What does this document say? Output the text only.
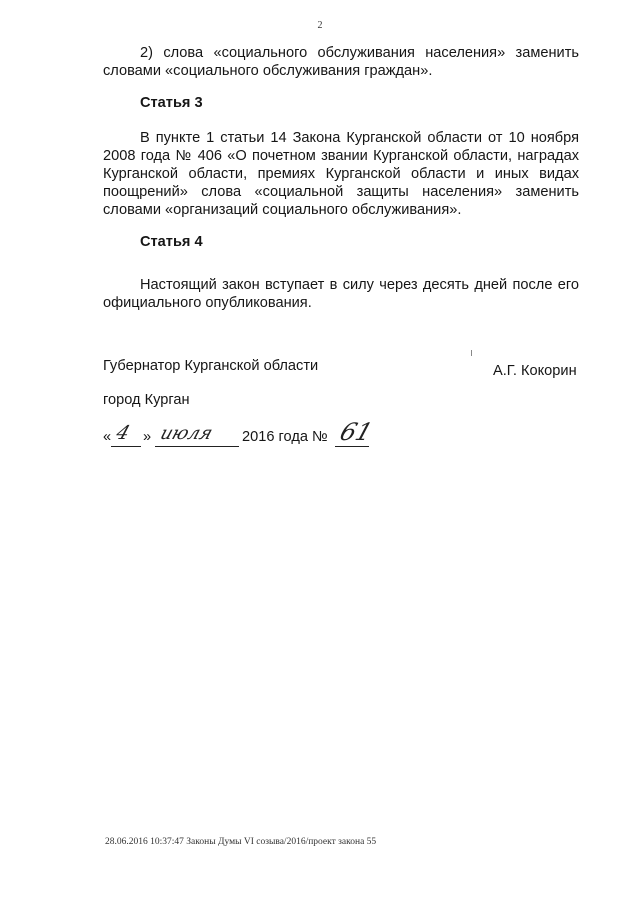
2

2) слова «социального обслуживания населения» заменить словами «социального обслуживания граждан».

Статья 3

В пункте 1 статьи 14 Закона Курганской области от 10 ноября 2008 года № 406 «О почетном звании Курганской области, наградах Курганской области, премиях Курганской области и иных видах поощрений» слова «социальной защиты населения» заменить словами «организаций социального обслуживания».

Статья 4

Настоящий закон вступает в силу через десять дней после его официального опубликования.

Губернатор Курганской области	А.Г. Кокорин
город Курган
« 4 » июля 2016 года № 61
28.06.2016 10:37:47 Законы Думы VI созыва/2016/проект закона 55
